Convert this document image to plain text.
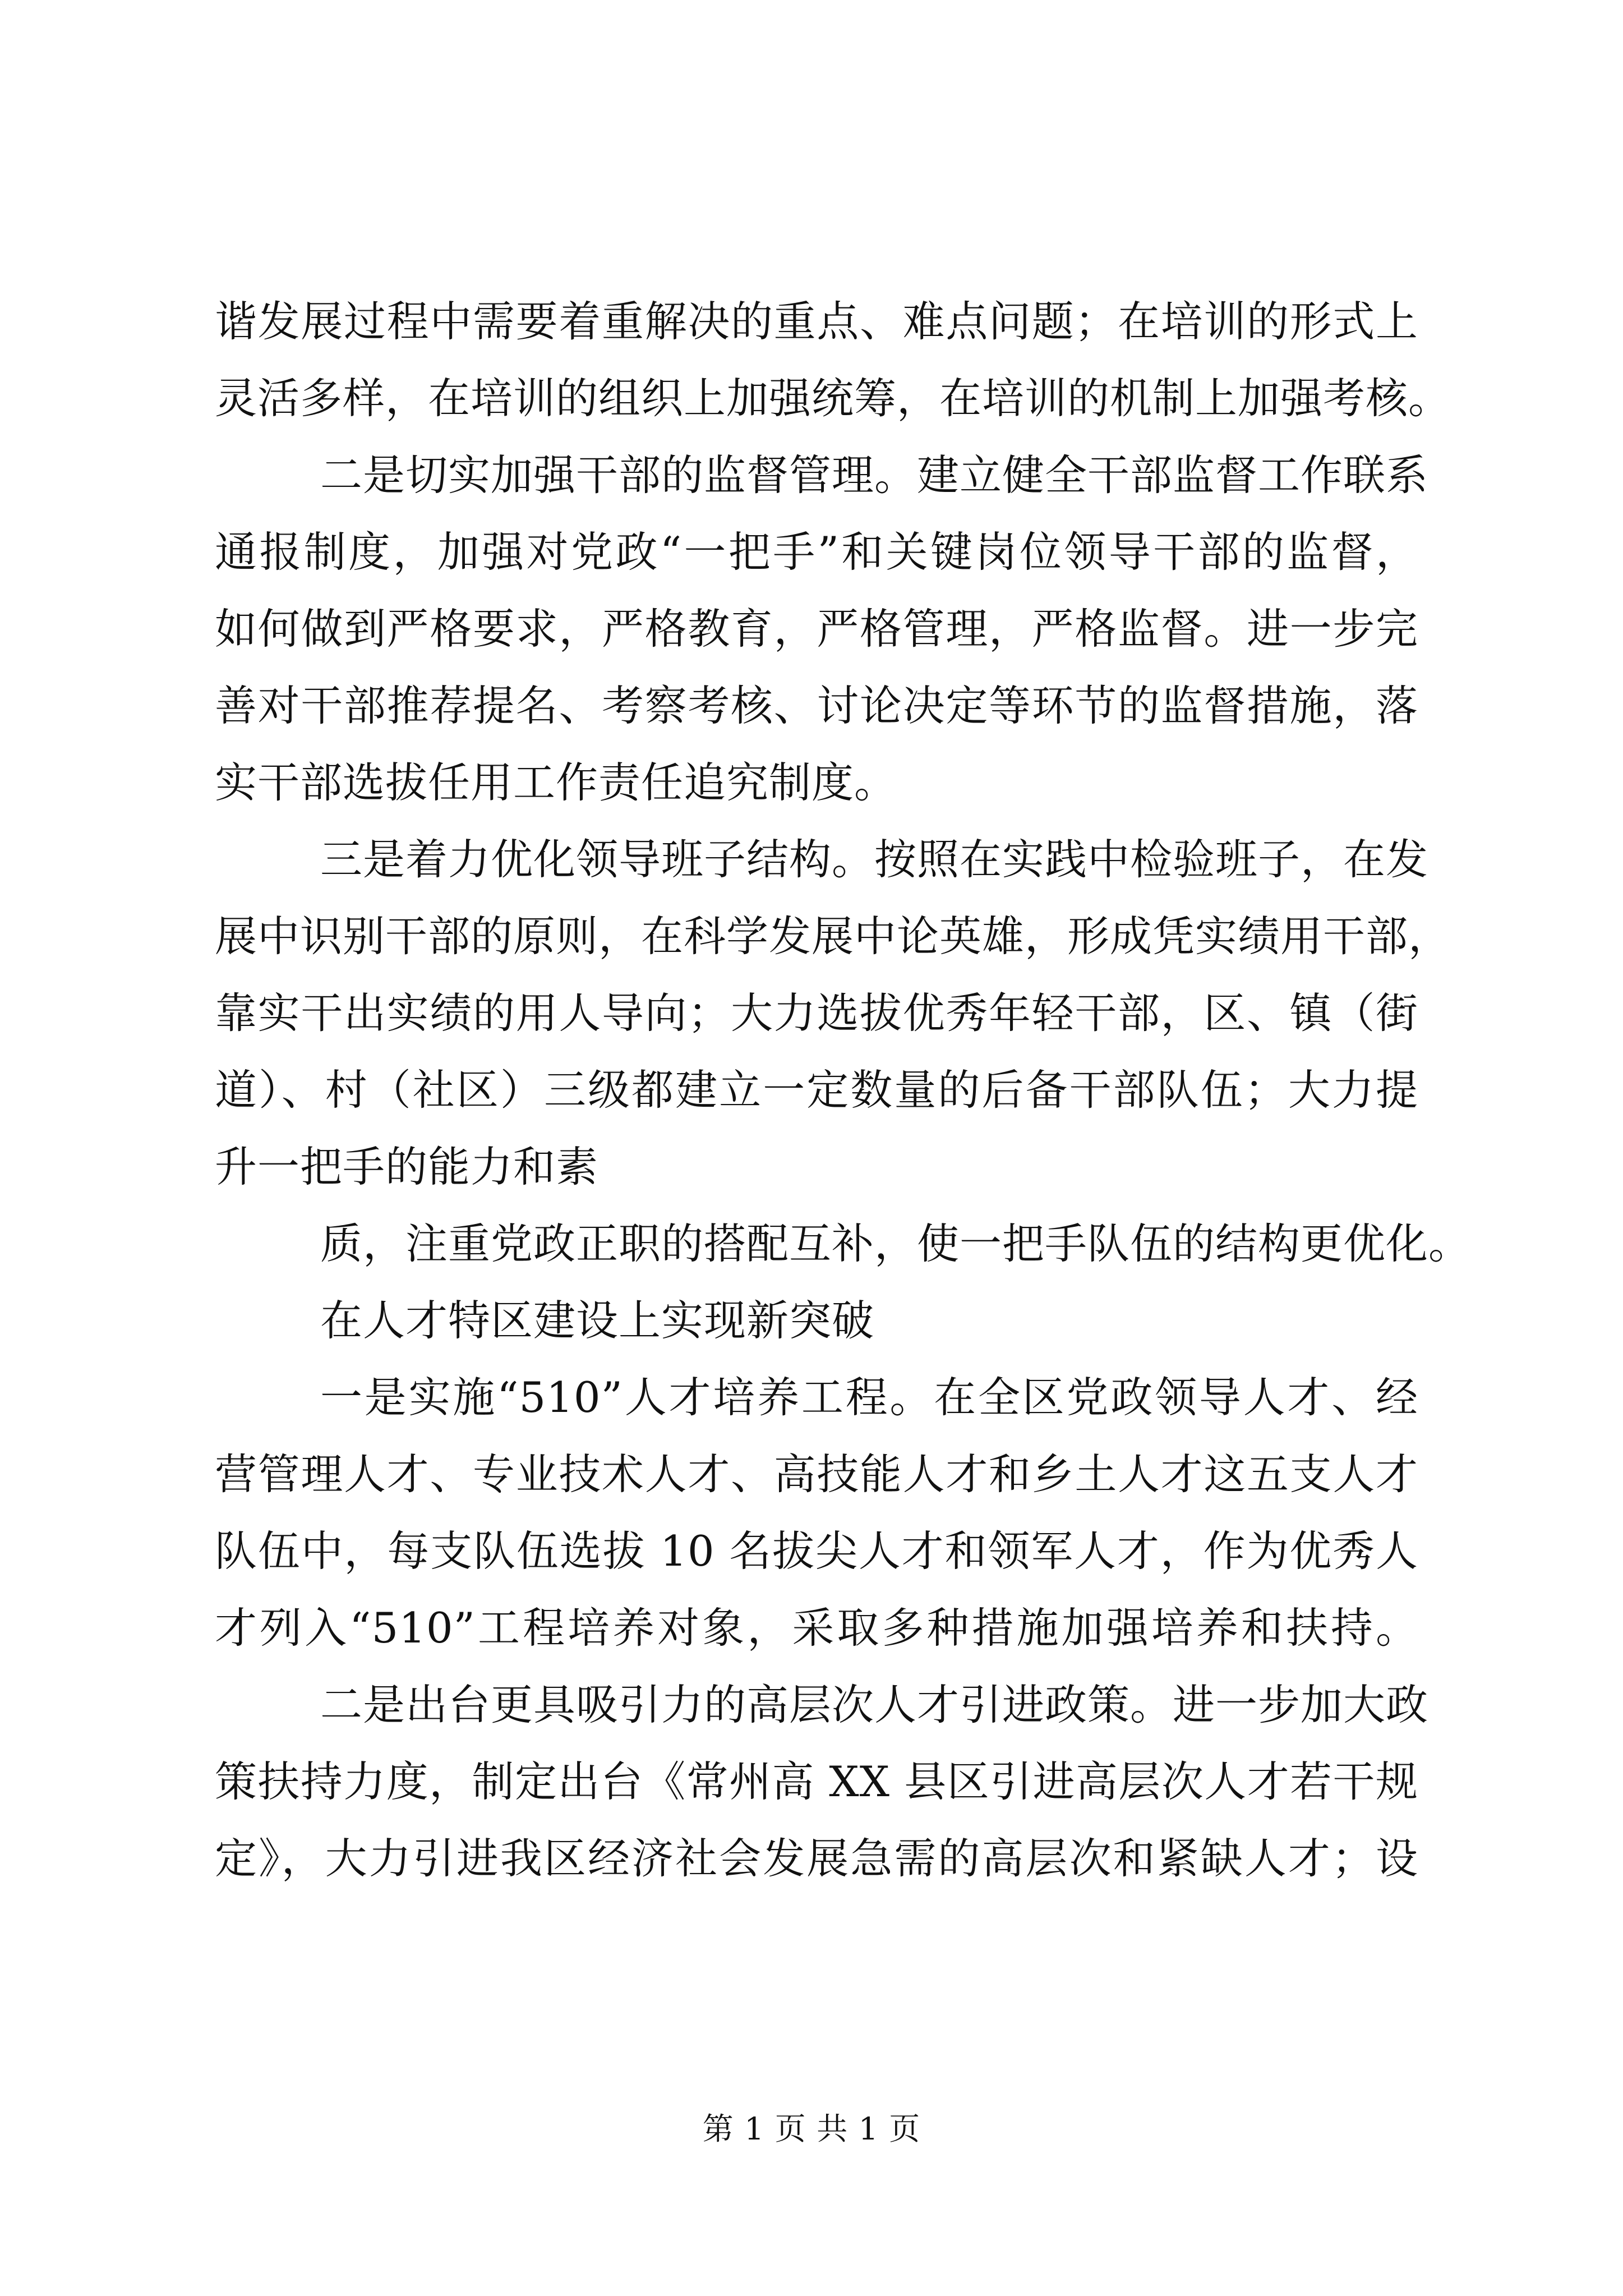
谐发展过程中需要着重解决的重点、难点问题；在培训的形式上
灵活多样，在培训的组织上加强统筹，在培训的机制上加强考核。
二是切实加强干部的监督管理。建立健全干部监督工作联系
通报制度，加强对党政“一把手”和关键岗位领导干部的监督，
如何做到严格要求，严格教育，严格管理，严格监督。进一步完
善对干部推荐提名、考察考核、讨论决定等环节的监督措施，落
实干部选拔任用工作责任追究制度。
三是着力优化领导班子结构。按照在实践中检验班子，在发
展中识别干部的原则，在科学发展中论英雄，形成凭实绩用干部，
靠实干出实绩的用人导向；大力选拔优秀年轻干部，区、镇（街
道）、村（社区）三级都建立一定数量的后备干部队伍；大力提
升一把手的能力和素
质，注重党政正职的搭配互补，使一把手队伍的结构更优化。
在人才特区建设上实现新突破
一是实施“510”人才培养工程。在全区党政领导人才、经
营管理人才、专业技术人才、高技能人才和乡土人才这五支人才
队伍中，每支队伍选拔 10 名拔尖人才和领军人才，作为优秀人
才列入“510”工程培养对象，采取多种措施加强培养和扶持。
二是出台更具吸引力的高层次人才引进政策。进一步加大政
策扶持力度，制定出台《常州高 XX 县区引进高层次人才若干规
定》，大力引进我区经济社会发展急需的高层次和紧缺人才；设
第 1 页 共 1 页
